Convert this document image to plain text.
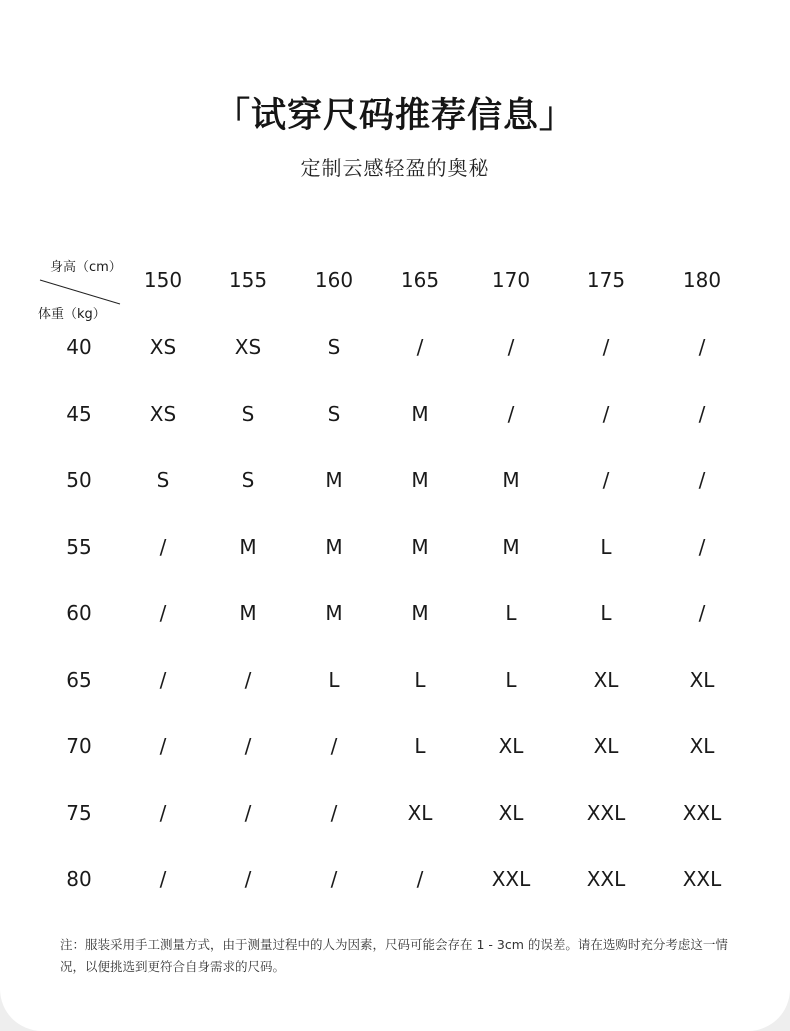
「试穿尺码推荐信息」
定制云感轻盈的奥秘
身高（cm）
体重（kg）
150	155	160	165	170	175	180
40	XS	XS	S	/	/	/	/
45	XS	S	S	M	/	/	/
50	S	S	M	M	M	/	/
55	/	M	M	M	M	L	/
60	/	M	M	M	L	L	/
65	/	/	L	L	L	XL	XL
70	/	/	/	L	XL	XL	XL
75	/	/	/	XL	XL	XXL	XXL
80	/	/	/	/	XXL	XXL	XXL
注：服装采用手工测量方式，由于测量过程中的人为因素，尺码可能会存在 1 - 3cm 的误差。请在选购时充分考虑这一情况，以便挑选到更符合自身需求的尺码。
